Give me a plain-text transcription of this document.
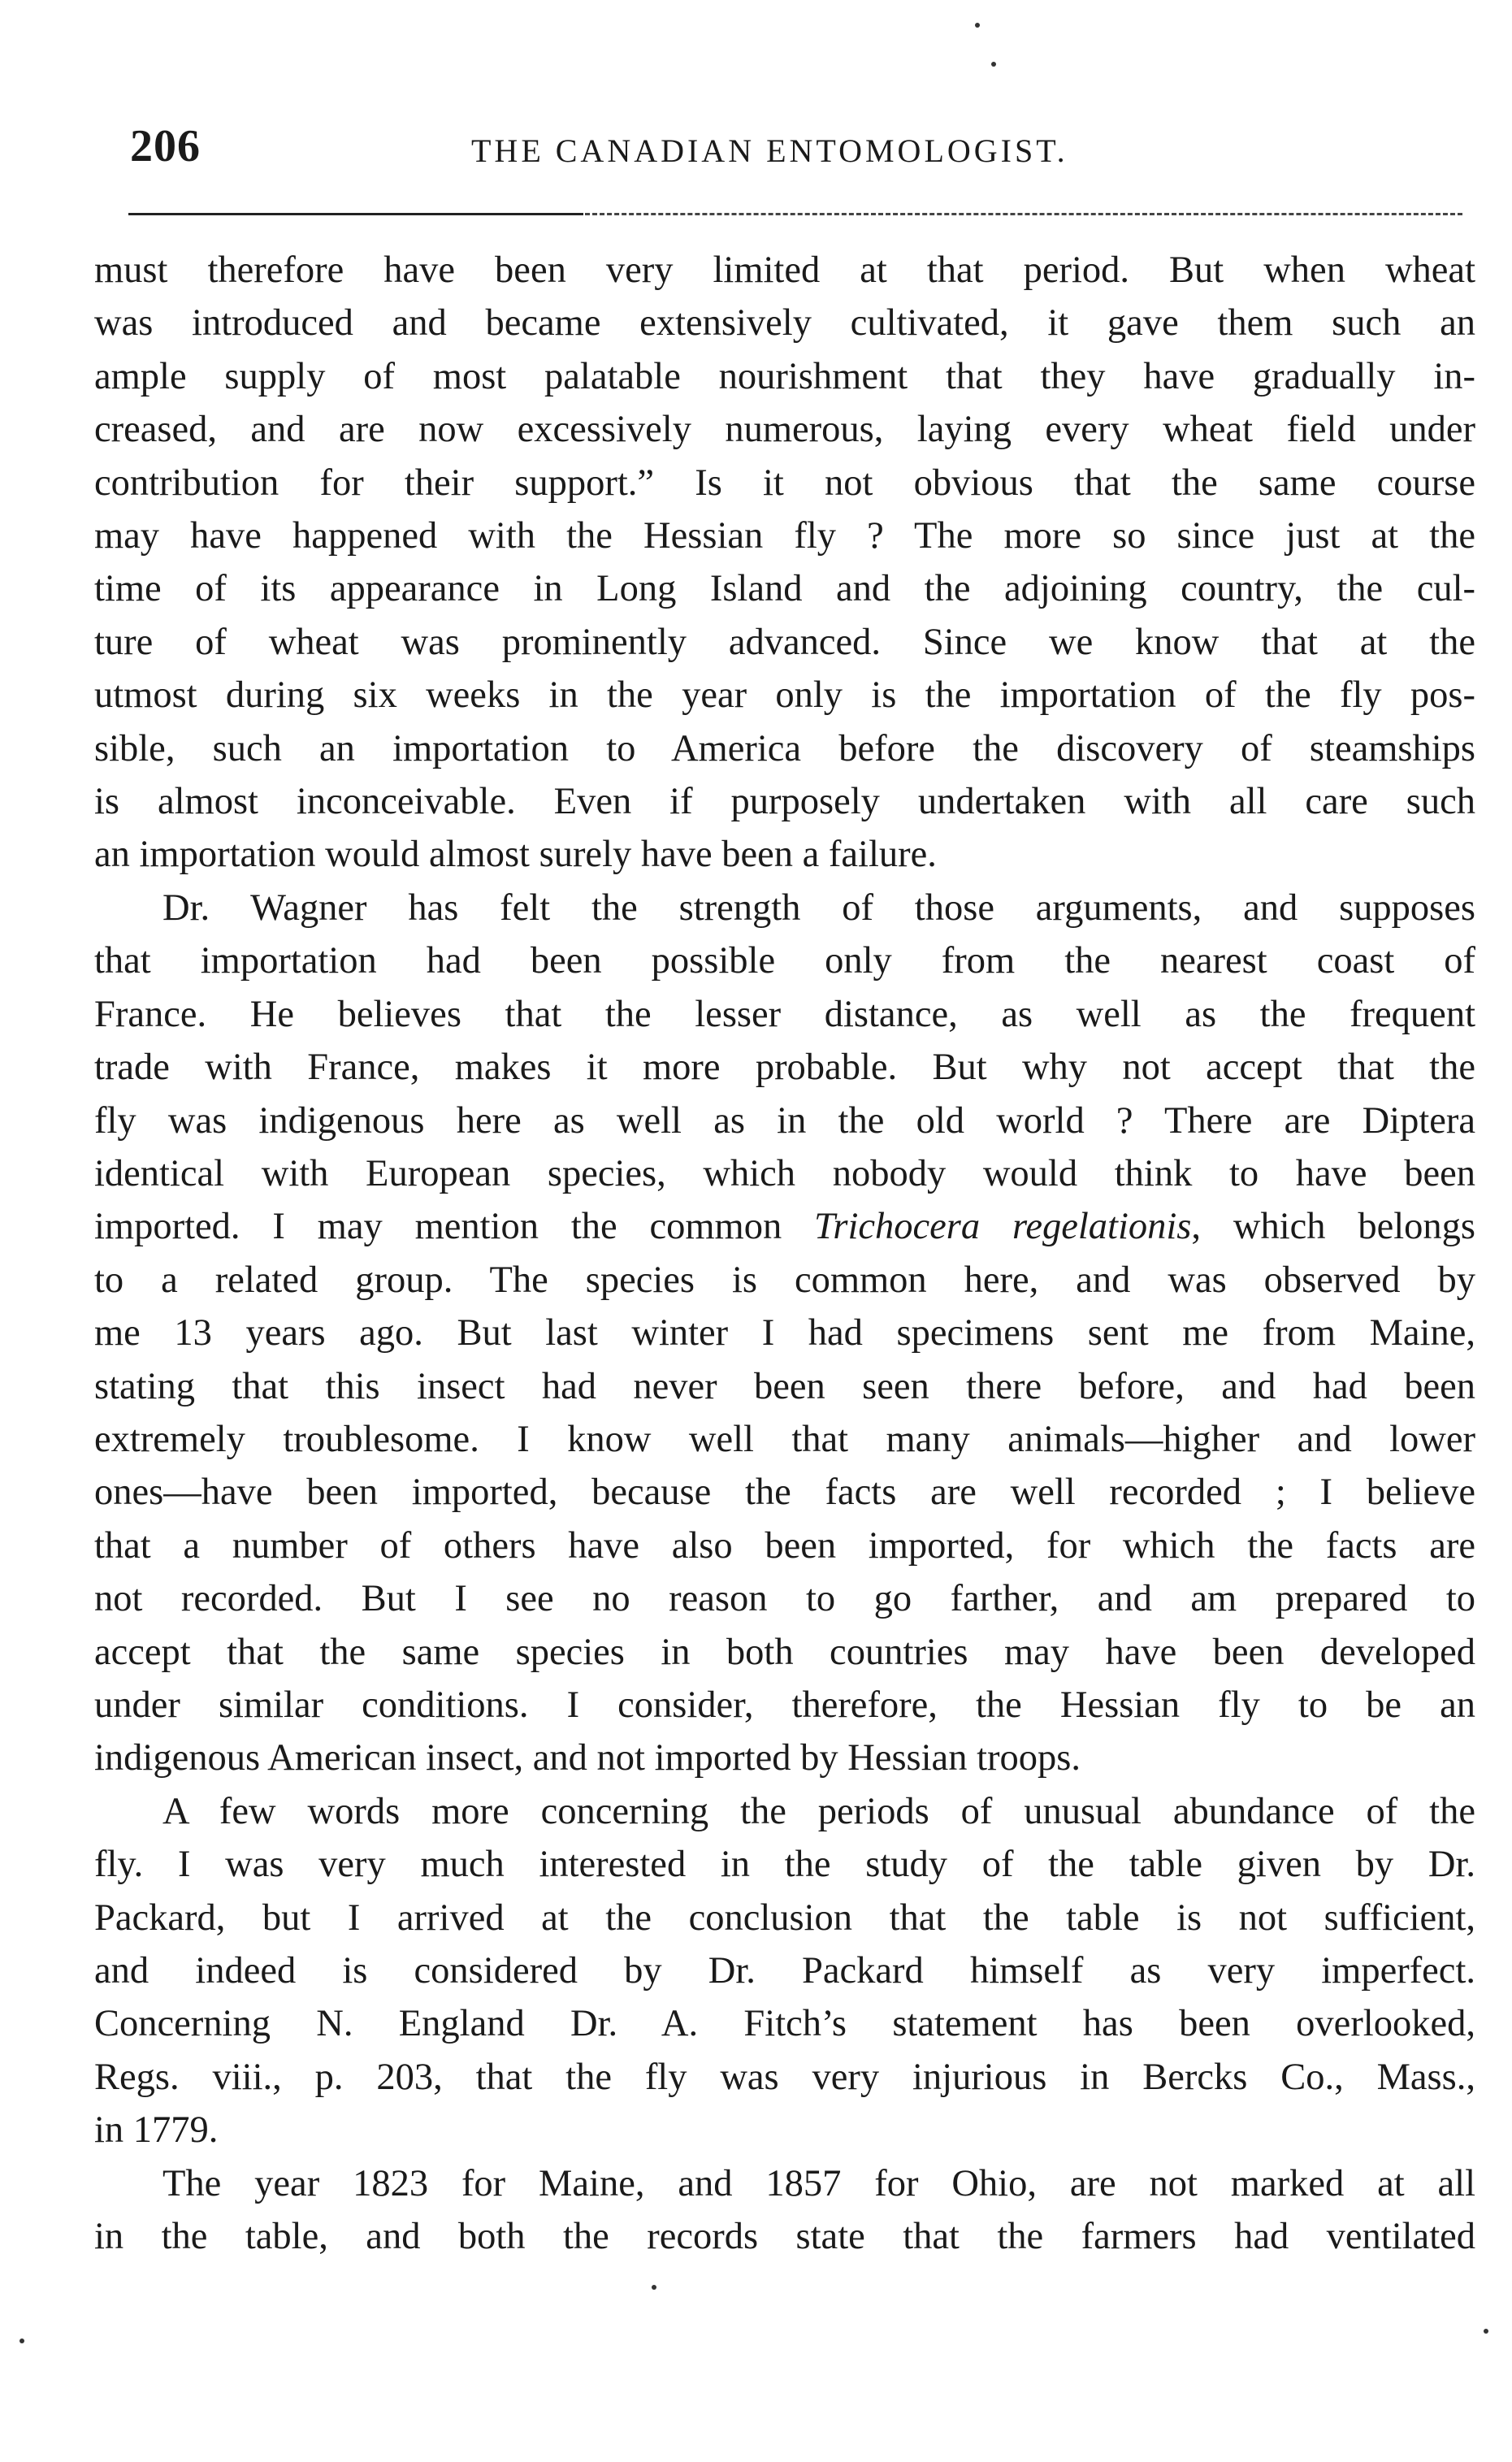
206	THE CANADIAN ENTOMOLOGIST.

must therefore have been very limited at that period. But when wheat
was introduced and became extensively cultivated, it gave them such an
ample supply of most palatable nourishment that they have gradually in-
creased, and are now excessively numerous, laying every wheat field under
contribution for their support.” Is it not obvious that the same course
may have happened with the Hessian fly ? The more so since just at the
time of its appearance in Long Island and the adjoining country, the cul-
ture of wheat was prominently advanced. Since we know that at the
utmost during six weeks in the year only is the importation of the fly pos-
sible, such an importation to America before the discovery of steamships
is almost inconceivable. Even if purposely undertaken with all care such
an importation would almost surely have been a failure.

Dr. Wagner has felt the strength of those arguments, and supposes
that importation had been possible only from the nearest coast of
France. He believes that the lesser distance, as well as the frequent
trade with France, makes it more probable. But why not accept that the
fly was indigenous here as well as in the old world ? There are Diptera
identical with European species, which nobody would think to have been
imported. I may mention the common Trichocera regelationis, which belongs
to a related group. The species is common here, and was observed by
me 13 years ago. But last winter I had specimens sent me from Maine,
stating that this insect had never been seen there before, and had been
extremely troublesome. I know well that many animals—higher and lower
ones—have been imported, because the facts are well recorded ; I believe
that a number of others have also been imported, for which the facts are
not recorded. But I see no reason to go farther, and am prepared to
accept that the same species in both countries may have been developed
under similar conditions. I consider, therefore, the Hessian fly to be an
indigenous American insect, and not imported by Hessian troops.

A few words more concerning the periods of unusual abundance of the
fly. I was very much interested in the study of the table given by Dr.
Packard, but I arrived at the conclusion that the table is not sufficient,
and indeed is considered by Dr. Packard himself as very imperfect.
Concerning N. England Dr. A. Fitch’s statement has been overlooked,
Regs. viii., p. 203, that the fly was very injurious in Bercks Co., Mass.,
in 1779.

The year 1823 for Maine, and 1857 for Ohio, are not marked at all
in the table, and both the records state that the farmers had ventilated
